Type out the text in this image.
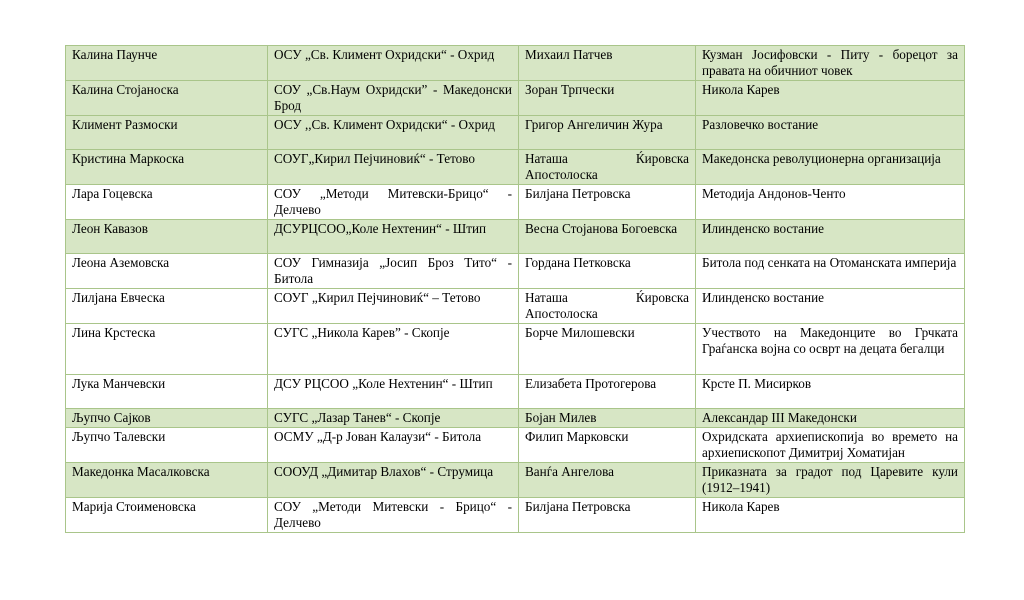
Калина Паунче	ОСУ „Св. Климент Охридски“ - Охрид	Михаил Патчев	Кузман Јосифовски - Питу - борецот за правата на обичниот човек
Калина Стојаноска	СОУ „Св.Наум Охридски” - Македонски Брод	Зоран Трпчески	Никола Карев
Климент Размоски	ОСУ ,,Св. Климент Охридски“ - Охрид	Григор Ангеличин Жура	Разловечко востание
Кристина Маркоска	СОУГ„Кирил Пејчиновиќ“ - Тетово	Наташа Ќировска Апостолоска	Македонска револуционерна организација
Лара Гоцевска	СОУ „Методи Митевски-Брицо“ - Делчево	Билјана Петровска	Методија Андонов-Ченто
Леон Кавазов	ДСУРЦСОО„Коле Нехтенин“ - Штип	Весна Стојанова Богоевска	Илинденско востание
Леона Аземовска	СОУ Гимназија „Јосип Броз Тито“ - Битола	Гордана Петковска	Битола под сенката на Отоманската империја
Лилјана Евческа	СОУГ „Кирил Пејчиновиќ“ – Тетово	Наташа Ќировска Апостолоска	Илинденско востание
Лина Крстеска	СУГС „Никола Карев” - Скопје	Борче Милошевски	Учеството на Македонците во Грчката Граѓанска војна со осврт на децата бегалци
Лука Манчевски	ДСУ РЦСОО „Коле Нехтенин“ - Штип	Елизабета Протогерова	Крсте П. Мисирков
Љупчо Сајков	СУГС „Лазар Танев“ - Скопје	Бојан Милев	Александар III Македонски
Љупчо Талевски	ОСМУ „Д-р Јован Калаузи“ - Битола	Филип Марковски	Охридската архиепископија во времето на архиепископот Димитриј Хоматијан
Македонка Масалковска	СООУД „Димитар Влахов“ - Струмица	Ванѓа Ангелова	Приказната за градот под Царевите кули (1912–1941)
Марија Стоименовска	СОУ „Методи Митевски - Брицо“ - Делчево	Билјана Петровска	Никола Карев
